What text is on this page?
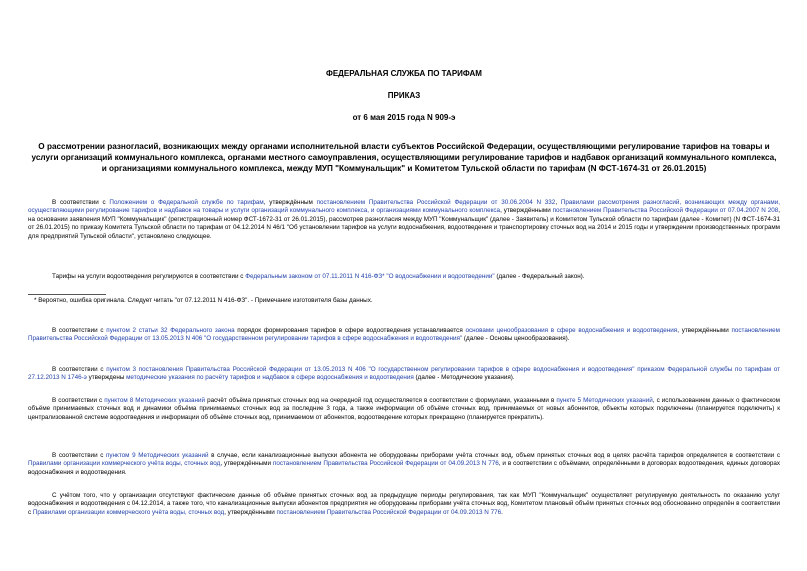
ФЕДЕРАЛЬНАЯ СЛУЖБА ПО ТАРИФАМ
ПРИКАЗ
от 6 мая 2015 года N 909-э
О рассмотрении разногласий, возникающих между органами исполнительной власти субъектов Российской Федерации, осуществляющими регулирование тарифов на товары и услуги организаций коммунального комплекса, органами местного самоуправления, осуществляющими регулирование тарифов и надбавок организаций коммунального комплекса, и организациями коммунального комплекса, между МУП "Коммунальщик" и Комитетом Тульской области по тарифам (N ФСТ-1674-31 от 26.01.2015)

В соответствии с Положением о Федеральной службе по тарифам, утверждённым постановлением Правительства Российской Федерации от 30.06.2004 N 332, Правилами рассмотрения разногласий, возникающих между органами, осуществляющими регулирование тарифов и надбавок на товары и услуги организаций коммунального комплекса, и организациями коммунального комплекса, утверждёнными постановлением Правительства Российской Федерации от 07.04.2007 N 208, на основании заявления МУП "Коммунальщик" (регистрационный номер ФСТ-1672-31 от 26.01.2015), рассмотрев разногласия между МУП "Коммунальщик" (далее - Заявитель) и Комитетом Тульской области по тарифам (далее - Комитет) (N ФСТ-1674-31 от 26.01.2015) по приказу Комитета Тульской области по тарифам от 04.12.2014 N 46/1 "Об установлении тарифов на услуги водоснабжения, водоотведения и транспортировку сточных вод на 2014 и 2015 годы и утверждении производственных программ для предприятий Тульской области", установлено следующее.

Тарифы на услуги водоотведения регулируются в соответствии с Федеральным законом от 07.11.2011 N 416-ФЗ* "О водоснабжении и водоотведении" (далее - Федеральный закон).

* Вероятно, ошибка оригинала. Следует читать "от 07.12.2011 N 416-ФЗ". - Примечание изготовителя базы данных.

В соответствии с пунктом 2 статьи 32 Федерального закона порядок формирования тарифов в сфере водоотведения устанавливается основами ценообразования в сфере водоснабжения и водоотведения, утверждёнными постановлением Правительства Российской Федерации от 13.05.2013 N 406 "О государственном регулировании тарифов в сфере водоснабжения и водоотведения" (далее - Основы ценообразования).

В соответствии с пунктом 3 постановления Правительства Российской Федерации от 13.05.2013 N 406 "О государственном регулировании тарифов в сфере водоснабжения и водоотведения" приказом Федеральной службы по тарифам от 27.12.2013 N 1746-э утверждены методические указания по расчёту тарифов и надбавок в сфере водоснабжения и водоотведения (далее - Методические указания).

В соответствии с пунктом 8 Методических указаний расчёт объёма принятых сточных вод на очередной год осуществляется в соответствии с формулами, указанными в пункте 5 Методических указаний, с использованием данных о фактическом объёме принимаемых сточных вод и динамики объёма принимаемых сточных вод за последние 3 года, а также информации об объёме сточных вод, принимаемых от новых абонентов, объекты которых подключены (планируется подключить) к централизованной системе водоотведения и информации об объёме сточных вод, принимаемом от абонентов, водоотведение которых прекращено (планируется прекратить).

В соответствии с пунктом 9 Методических указаний в случае, если канализационные выпуски абонента не оборудованы приборами учёта сточных вод, объем принятых сточных вод в целях расчёта тарифов определяется в соответствии с Правилами организации коммерческого учёта воды, сточных вод, утверждёнными постановлением Правительства Российской Федерации от 04.09.2013 N 776, и в соответствии с объёмами, определёнными в договорах водоотведения, единых договорах водоснабжения и водоотведения.

С учётом того, что у организации отсутствуют фактические данные об объёме принятых сточных вод за предыдущие периоды регулирования, так как МУП "Коммунальщик" осуществляет регулируемую деятельность по оказанию услуг водоснабжения и водоотведения с 04.12.2014, а также того, что канализационные выпуски абонентов предприятия не оборудованы приборами учёта сточных вод, Комитетом плановый объём принятых сточных вод обоснованно определён в соответствии с Правилами организации коммерческого учёта воды, сточных вод, утверждёнными постановлением Правительства Российской Федерации от 04.09.2013 N 776.
